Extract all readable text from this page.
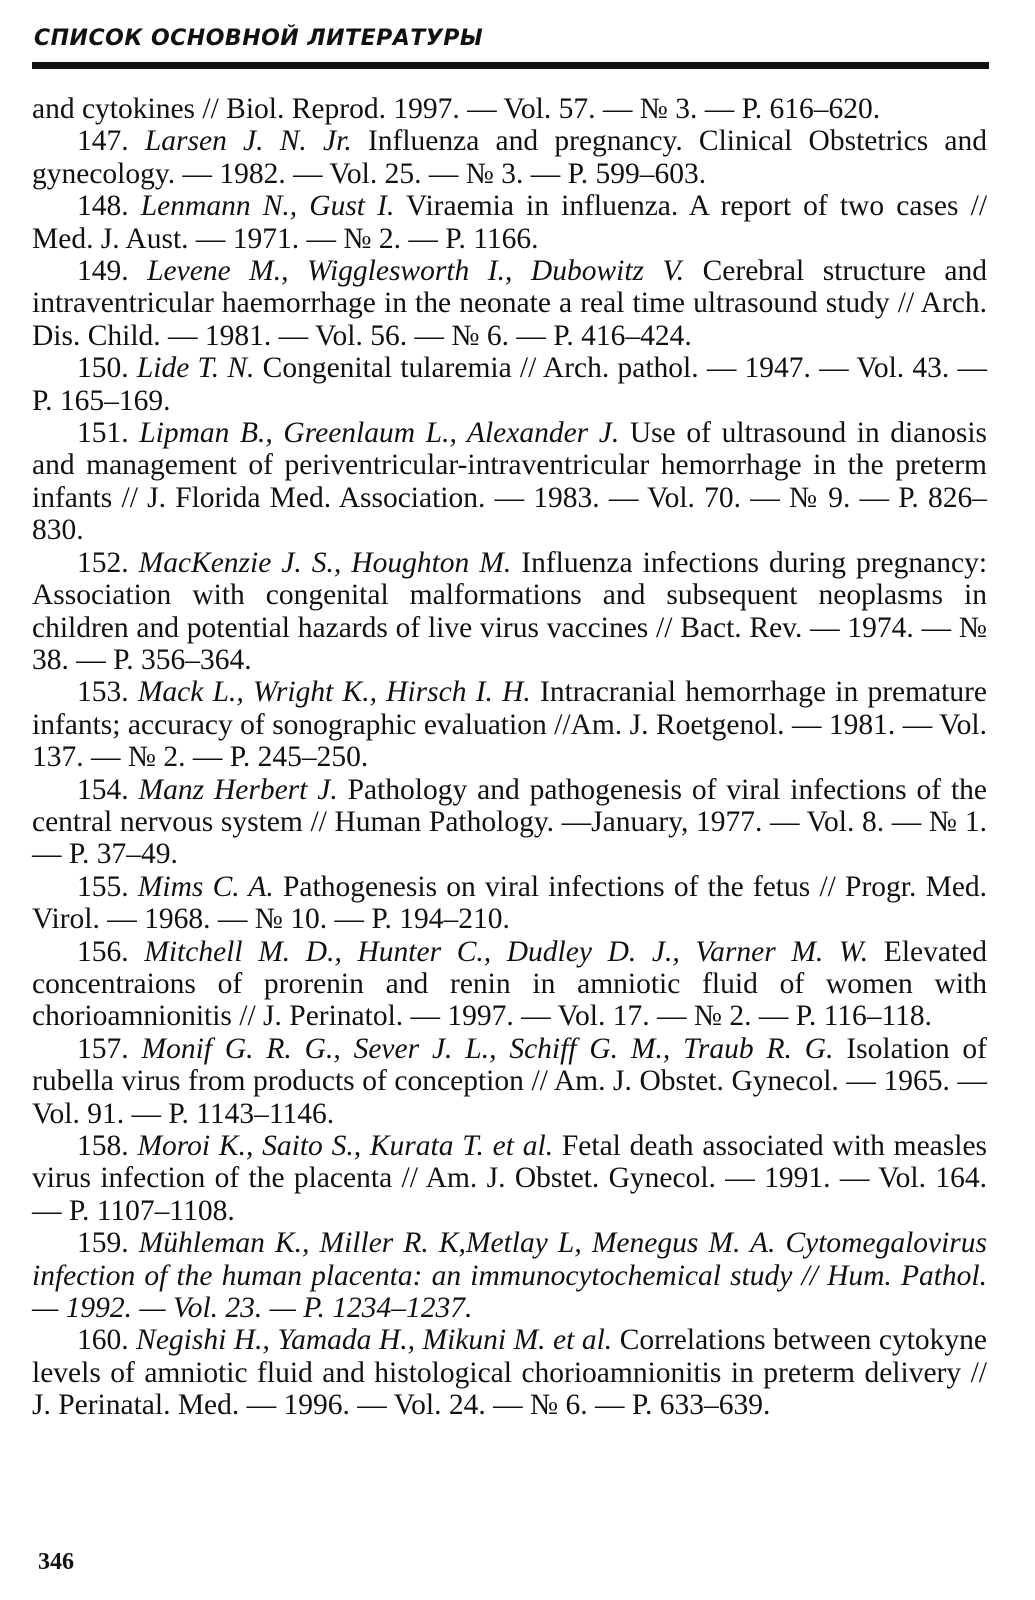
СПИСОК ОСНОВНОЙ ЛИТЕРАТУРЫ

and cytokines // Biol. Reprod. 1997. — Vol. 57. — № 3. — P. 616–620.

147. Larsen J. N. Jr. Influenza and pregnancy. Clinical Obstetrics and gynecology. — 1982. — Vol. 25. — № 3. — P. 599–603.

148. Lenmann N., Gust I. Viraemia in influenza. A report of two cases // Med. J. Aust. — 1971. — № 2. — P. 1166.

149. Levene M., Wigglesworth I., Dubowitz V. Cerebral structure and intraventricular haemorrhage in the neonate a real time ultrasound study // Arch. Dis. Child. — 1981. — Vol. 56. — № 6. — P. 416–424.

150. Lide T. N. Congenital tularemia // Arch. pathol. — 1947. — Vol. 43. — P. 165–169.

151. Lipman B., Greenlaum L., Alexander J. Use of ultrasound in dianosis and management of periventricular-intraventricular hemorrhage in the preterm infants // J. Florida Med. Association. — 1983. — Vol. 70. — № 9. — P. 826–830.

152. MacKenzie J. S., Houghton M. Influenza infections during pregnancy: Association with congenital malformations and subsequent neoplasms in children and potential hazards of live virus vaccines // Bact. Rev. — 1974. — № 38. — P. 356–364.

153. Mack L., Wright K., Hirsch I. H. Intracranial hemorrhage in premature infants; accuracy of sonographic evaluation //Am. J. Roetgenol. — 1981. — Vol. 137. — № 2. — P. 245–250.

154. Manz Herbert J. Pathology and pathogenesis of viral infections of the central nervous system // Human Pathology. —January, 1977. — Vol. 8. — № 1. — P. 37–49.

155. Mims C. A. Pathogenesis on viral infections of the fetus // Progr. Med. Virol. — 1968. — № 10. — P. 194–210.

156. Mitchell M. D., Hunter C., Dudley D. J., Varner M. W. Elevated concentraions of prorenin and renin in amniotic fluid of women with chorioamnionitis // J. Perinatol. — 1997. — Vol. 17. — № 2. — P. 116–118.

157. Monif G. R. G., Sever J. L., Schiff G. M., Traub R. G. Isolation of rubella virus from products of conception // Am. J. Obstet. Gynecol. — 1965. — Vol. 91. — P. 1143–1146.

158. Moroi K., Saito S., Kurata T. et al. Fetal death associated with measles virus infection of the placenta // Am. J. Obstet. Gynecol. — 1991. — Vol. 164. — P. 1107–1108.

159. Mühleman K., Miller R. K,Metlay L, Menegus M. A. Cytomegalovirus infection of the human placenta: an immunocytochemical study // Hum. Pathol. — 1992. — Vol. 23. — P. 1234–1237.

160. Negishi H., Yamada H., Mikuni M. et al. Correlations between cytokyne levels of amniotic fluid and histological chorioamnionitis in preterm delivery // J. Perinatal. Med. — 1996. — Vol. 24. — № 6. — P. 633–639.

346
